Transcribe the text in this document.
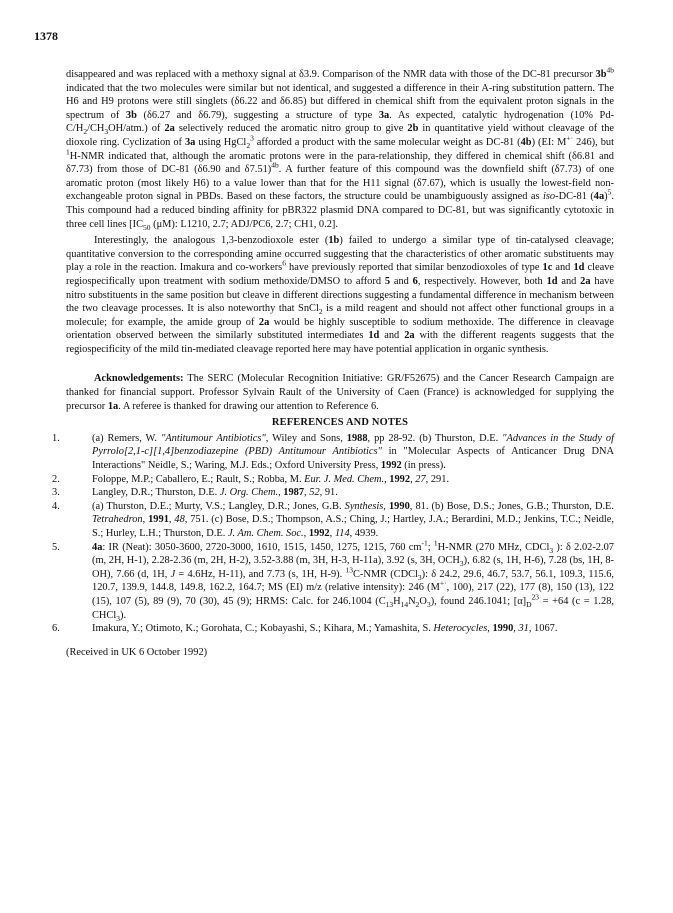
1378

disappeared and was replaced with a methoxy signal at δ3.9. Comparison of the NMR data with those of the DC-81 precursor $3b^{4b}$ indicated that the two molecules were similar but not identical, and suggested a difference in their A-ring substitution pattern. The H6 and H9 protons were still singlets (δ6.22 and δ6.85) but differed in chemical shift from the equivalent proton signals in the spectrum of 3b (δ6.27 and δ6.79), suggesting a structure of type 3a. As expected, catalytic hydrogenation (10% $Pd-C/H_2/CH_3OH/atm$.) of 2a selectively reduced the aromatic nitro group to give 2b in quantitative yield without cleavage of the dioxole ring. Cyclization of 3a using HgCl$_2^3$ afforded a product with the same molecular weight as DC-81 (4b) (EI: M+· 246), but $^1$H-NMR indicated that, although the aromatic protons were in the para-relationship, they differed in chemical shift (δ6.81 and δ7.73) from those of DC-81 (δ6.90 and δ7.51)$^{4b}$. A further feature of this compound was the downfield shift (δ7.73) of one aromatic proton (most likely H6) to a value lower than that for the H11 signal (δ7.67), which is usually the lowest-field non-exchangeable proton signal in PBDs. Based on these factors, the structure could be unambiguously assigned as iso-DC-81 $(4a)^5$. This compound had a reduced binding affinity for pBR322 plasmid DNA compared to DC-81, but was significantly cytotoxic in three cell lines [$IC_{50}$ (μM): L1210, 2.7; ADJ/PC6, 2.7; CH1, 0.2].

Interestingly, the analogous 1,3-benzodioxole ester (1b) failed to undergo a similar type of tin-catalysed cleavage; quantitative conversion to the corresponding amine occurred suggesting that the characteristics of other aromatic substituents may play a role in the reaction. Imakura and co-workers$^6$ have previously reported that similar benzodioxoles of type 1c and 1d cleave regiospecifically upon treatment with sodium methoxide/DMSO to afford 5 and 6, respectively. However, both 1d and 2a have nitro substituents in the same position but cleave in different directions suggesting a fundamental difference in mechanism between the two cleavage processes. It is also noteworthy that SnCl$_2$ is a mild reagent and should not affect other functional groups in a molecule; for example, the amide group of 2a would be highly susceptible to sodium methoxide. The difference in cleavage orientation observed between the similarly substituted intermediates 1d and 2a with the different reagents suggests that the regiospecificity of the mild tin-mediated cleavage reported here may have potential application in organic synthesis.

Acknowledgements: The SERC (Molecular Recognition Initiative: GR/F52675) and the Cancer Research Campaign are thanked for financial support. Professor Sylvain Rault of the University of Caen (France) is acknowledged for supplying the precursor 1a. A referee is thanked for drawing our attention to Reference 6.

REFERENCES AND NOTES
1.	(a) Remers, W. "Antitumour Antibiotics", Wiley and Sons, 1988, pp 28-92. (b) Thurston, D.E. "Advances in the Study of Pyrrolo[2,1-c][1,4]benzodiazepine (PBD) Antitumour Antibiotics" in "Molecular Aspects of Anticancer Drug DNA Interactions" Neidle, S.; Waring, M.J. Eds.; Oxford University Press, 1992 (in press).
2.	Foloppe, M.P.; Caballero, E.; Rault, S.; Robba, M. Eur. J. Med. Chem., 1992, 27, 291.
3.	Langley, D.R.; Thurston, D.E. J. Org. Chem., 1987, 52, 91.
4.	(a) Thurston, D.E.; Murty, V.S.; Langley, D.R.; Jones, G.B. Synthesis, 1990, 81. (b) Bose, D.S.; Jones, G.B.; Thurston, D.E. Tetrahedron, 1991, 48, 751. (c) Bose, D.S.; Thompson, A.S.; Ching, J.; Hartley, J.A.; Berardini, M.D.; Jenkins, T.C.; Neidle, S.; Hurley, L.H.; Thurston, D.E. J. Am. Chem. Soc., 1992, 114, 4939.
5.	4a: IR (Neat): 3050-3600, 2720-3000, 1610, 1515, 1450, 1275, 1215, 760 $cm^{-1}$; $^1$H-NMR (270 MHz, CDCl$_3$ ): δ 2.02-2.07 (m, 2H, H-1), 2.28-2.36 (m, 2H, H-2), 3.52-3.88 (m, 3H, H-3, H-11a), 3.92 (s, 3H, $OCH_3$), 6.82 (s, 1H, H-6), 7.28 (bs, 1H, 8-OH), 7.66 (d, 1H, J = 4.6Hz, H-11), and 7.73 (s, 1H, H-9). $^{13}$C-NMR (CDCl$_3$): δ 24.2, 29.6, 46.7, 53.7, 56.1, 109.3, 115.6, 120.7, 139.9, 144.8, 149.8, 162.2, 164.7; MS (EI) m/z (relative intensity): 246 (M+·, 100), 217 (22), 177 (8), 150 (13), 122 (15), 107 (5), 89 (9), 70 (30), 45 (9); HRMS: Calc. for 246.1004 $(C_{13}H_{14}N_2O_3)$, found 246.1041; $[\alpha]_D^{23} = +64$ (c = 1.28, CHCl$_3$).
6.	Imakura, Y.; Otimoto, K.; Gorohata, C.; Kobayashi, S.; Kihara, M.; Yamashita, S. Heterocycles, 1990, 31, 1067.
(Received in UK 6 October 1992)
